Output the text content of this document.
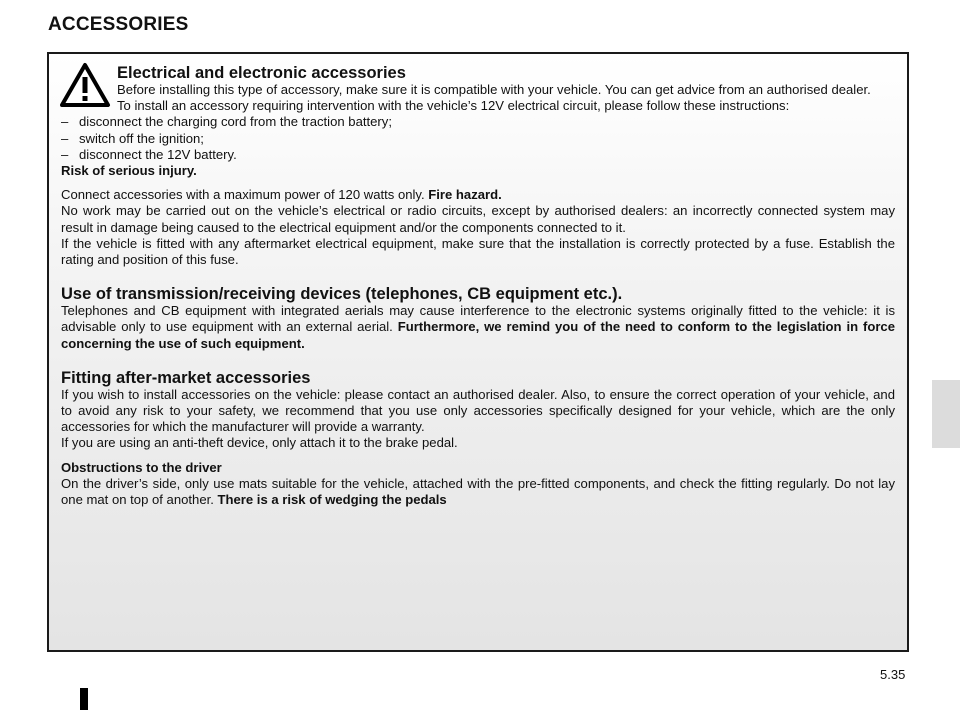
ACCESSORIES
Electrical and electronic accessories

Before installing this type of accessory, make sure it is compatible with your vehicle. You can get advice from an authorised dealer.

To install an accessory requiring intervention with the vehicle’s 12V electrical circuit, please follow these instructions:

– disconnect the charging cord from the traction battery;
– switch off the ignition;
– disconnect the 12V battery.

Risk of serious injury.

Connect accessories with a maximum power of 120 watts only. Fire hazard.

No work may be carried out on the vehicle’s electrical or radio circuits, except by authorised dealers: an incorrectly connected system may result in damage being caused to the electrical equipment and/or the components connected to it.

If the vehicle is fitted with any aftermarket electrical equipment, make sure that the installation is correctly protected by a fuse. Establish the rating and position of this fuse.

Use of transmission/receiving devices (telephones, CB equipment etc.).

Telephones and CB equipment with integrated aerials may cause interference to the electronic systems originally fitted to the vehicle: it is advisable only to use equipment with an external aerial. Furthermore, we remind you of the need to conform to the legislation in force concerning the use of such equipment.

Fitting after-market accessories

If you wish to install accessories on the vehicle: please contact an authorised dealer. Also, to ensure the correct operation of your vehicle, and to avoid any risk to your safety, we recommend that you use only accessories specifically designed for your vehicle, which are the only accessories for which the manufacturer will provide a warranty.

If you are using an anti-theft device, only attach it to the brake pedal.

Obstructions to the driver

On the driver’s side, only use mats suitable for the vehicle, attached with the pre-fitted components, and check the fitting regularly. Do not lay one mat on top of another. There is a risk of wedging the pedals

5.35
